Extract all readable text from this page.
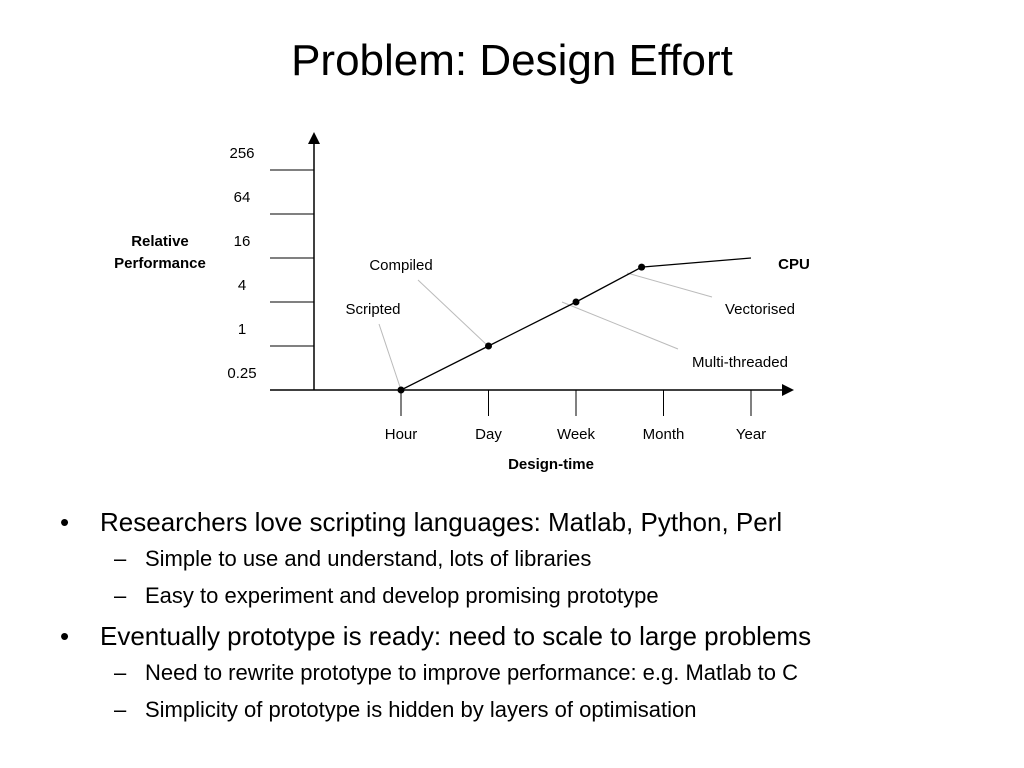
Problem: Design Effort
0.25
1
4
16
64
256
Hour	Day	Week	Month	Year
Design-time
Relative
Performance	CPU
Scripted
Compiled
Multi-threaded
Vectorised
• Researchers love scripting languages: Matlab, Python, Perl
– Simple to use and understand, lots of libraries
– Easy to experiment and develop promising prototype
• Eventually prototype is ready: need to scale to large problems
– Need to rewrite prototype to improve performance: e.g. Matlab to C
– Simplicity of prototype is hidden by layers of optimisation
